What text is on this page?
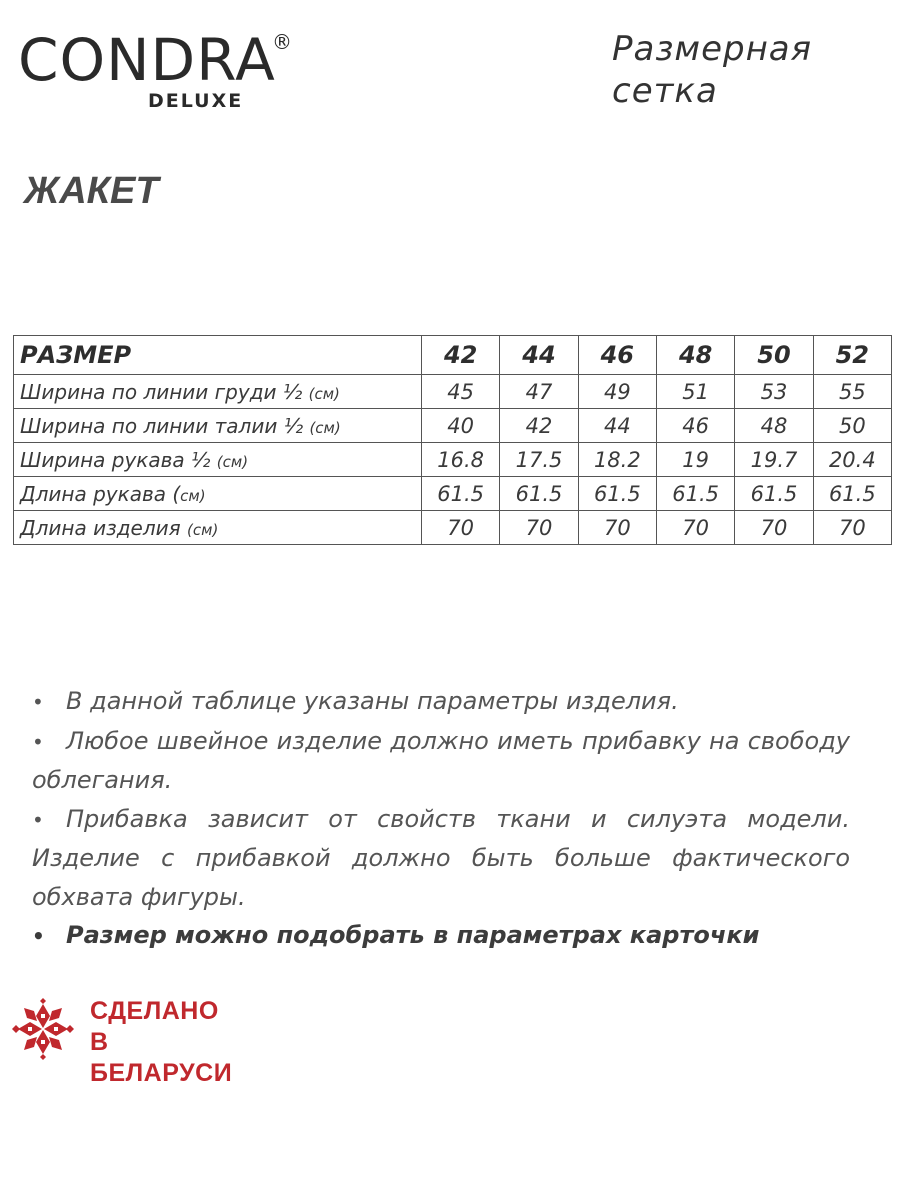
CONDRA
®
DELUXE
Размерная сетка
ЖАКЕТ
РАЗМЕР	42	44	46	48	50	52
Ширина по линии груди ½ (см)	45	47	49	51	53	55
Ширина по линии талии ½ (см)	40	42	44	46	48	50
Ширина рукава ½ (см)	16.8	17.5	18.2	19	19.7	20.4
Длина рукава (см)	61.5	61.5	61.5	61.5	61.5	61.5
Длина изделия (см)	70	70	70	70	70	70

• В данной таблице указаны параметры изделия.

• Любое швейное изделие должно иметь прибавку на свободу облегания.

• Прибавка зависит от свойств ткани и силуэта модели. Изделие с прибавкой должно быть больше фактического обхвата фигуры.

• Размер можно подобрать в параметрах карточки

СДЕЛАНО
В БЕЛАРУСИ
